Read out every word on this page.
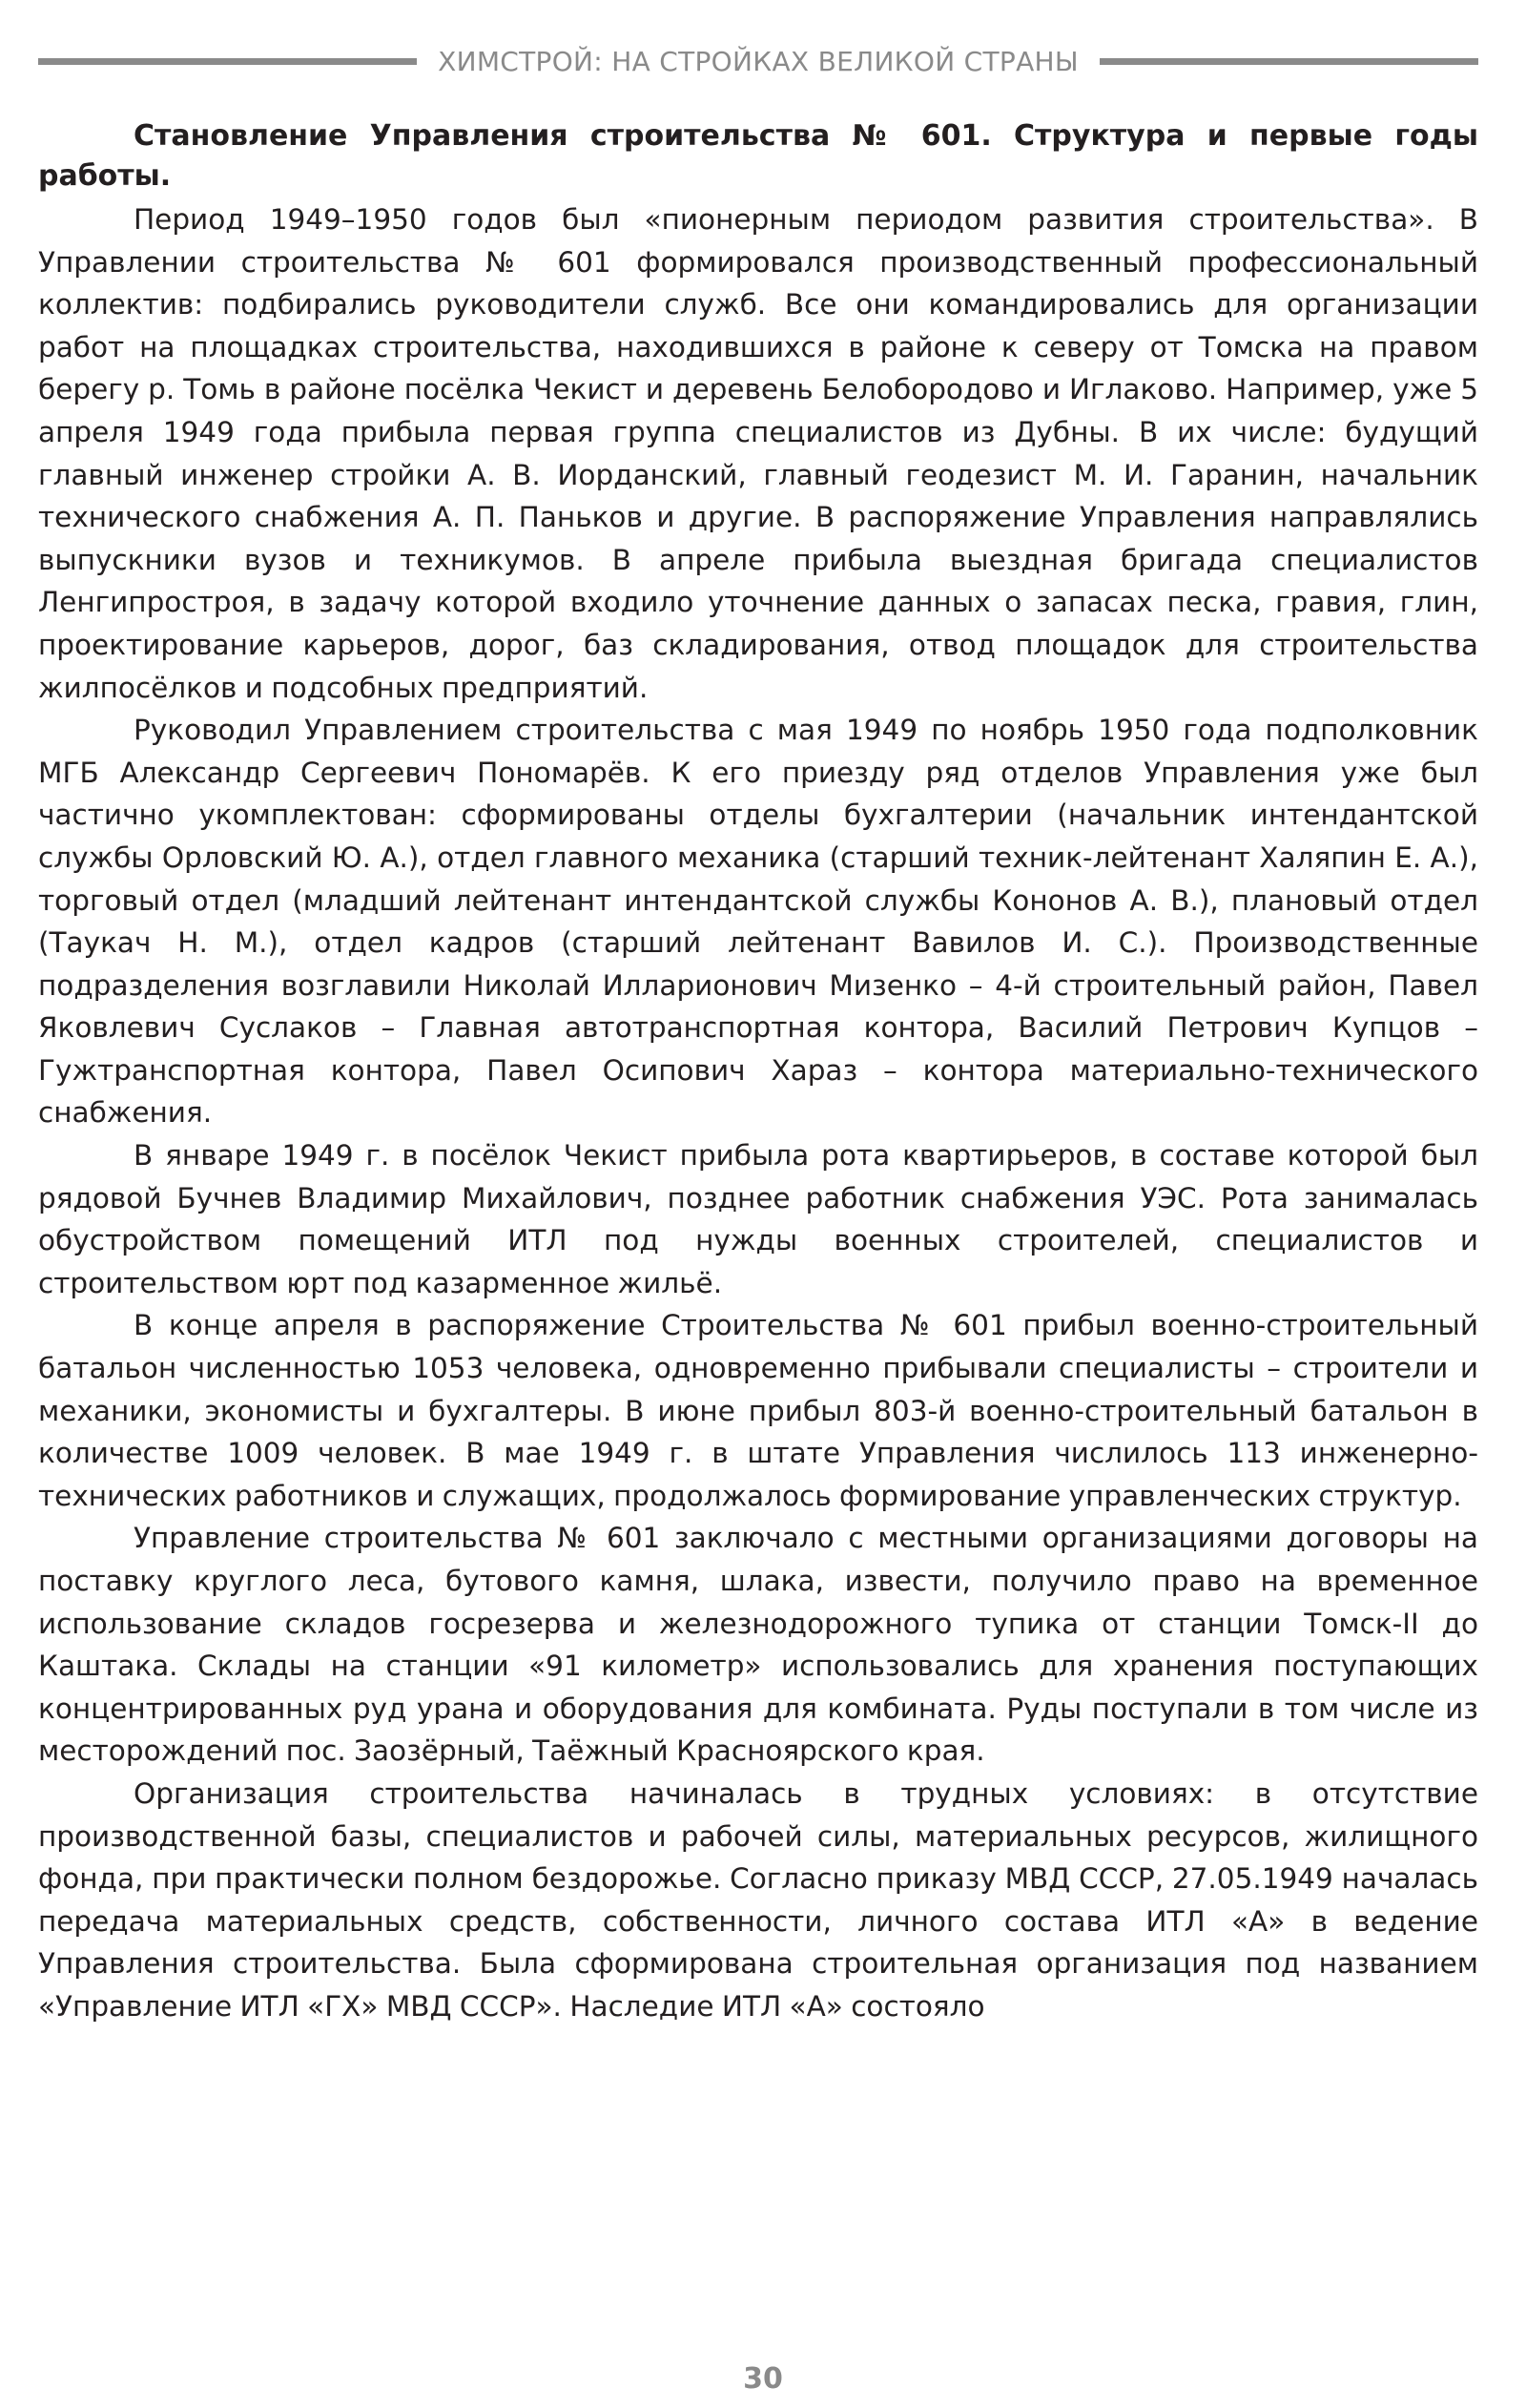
ХИМСТРОЙ: НА СТРОЙКАХ ВЕЛИКОЙ СТРАНЫ
Становление Управления строительства № 601. Структура и первые годы работы.

Период 1949–1950 годов был «пионерным периодом развития строительства». В Управлении строительства № 601 формировался производственный профессиональный коллектив: подбирались руководители служб. Все они командировались для организации работ на площадках строительства, находившихся в районе к северу от Томска на правом берегу р. Томь в районе посёлка Чекист и деревень Белобородово и Иглаково. Например, уже 5 апреля 1949 года прибыла первая группа специалистов из Дубны. В их числе: будущий главный инженер стройки А. В. Иорданский, главный геодезист М. И. Гаранин, начальник технического снабжения А. П. Паньков и другие. В распоряжение Управления направлялись выпускники вузов и техникумов. В апреле прибыла выездная бригада специалистов Ленгипростроя, в задачу которой входило уточнение данных о запасах песка, гравия, глин, проектирование карьеров, дорог, баз складирования, отвод площадок для строительства жилпосёлков и подсобных предприятий.

Руководил Управлением строительства с мая 1949 по ноябрь 1950 года подполковник МГБ Александр Сергеевич Пономарёв. К его приезду ряд отделов Управления уже был частично укомплектован: сформированы отделы бухгалтерии (начальник интендантской службы Орловский Ю. А.), отдел главного механика (старший техник-лейтенант Халяпин Е. А.), торговый отдел (младший лейтенант интендантской службы Кононов А. В.), плановый отдел (Таукач Н. М.), отдел кадров (старший лейтенант Вавилов И. С.). Производственные подразделения возглавили Николай Илларионович Мизенко – 4-й строительный район, Павел Яковлевич Суслаков – Главная автотранспортная контора, Василий Петрович Купцов – Гужтранспортная контора, Павел Осипович Хараз – контора материально-технического снабжения.

В январе 1949 г. в посёлок Чекист прибыла рота квартирьеров, в составе которой был рядовой Бучнев Владимир Михайлович, позднее работник снабжения УЭС. Рота занималась обустройством помещений ИТЛ под нужды военных строителей, специалистов и строительством юрт под казарменное жильё.

В конце апреля в распоряжение Строительства № 601 прибыл военно-строительный батальон численностью 1053 человека, одновременно прибывали специалисты – строители и механики, экономисты и бухгалтеры. В июне прибыл 803-й военно-строительный батальон в количестве 1009 человек. В мае 1949 г. в штате Управления числилось 113 инженерно-технических работников и служащих, продолжалось формирование управленческих структур.

Управление строительства № 601 заключало с местными организациями договоры на поставку круглого леса, бутового камня, шлака, извести, получило право на временное использование складов госрезерва и железнодорожного тупика от станции Томск-II до Каштака. Склады на станции «91 километр» использовались для хранения поступающих концентрированных руд урана и оборудования для комбината. Руды поступали в том числе из месторождений пос. Заозёрный, Таёжный Красноярского края.

Организация строительства начиналась в трудных условиях: в отсутствие производственной базы, специалистов и рабочей силы, материальных ресурсов, жилищного фонда, при практически полном бездорожье. Согласно приказу МВД СССР, 27.05.1949 началась передача материальных средств, собственности, личного состава ИТЛ «А» в ведение Управления строительства. Была сформирована строительная организация под названием «Управление ИТЛ «ГХ» МВД СССР». Наследие ИТЛ «А» состояло

30
